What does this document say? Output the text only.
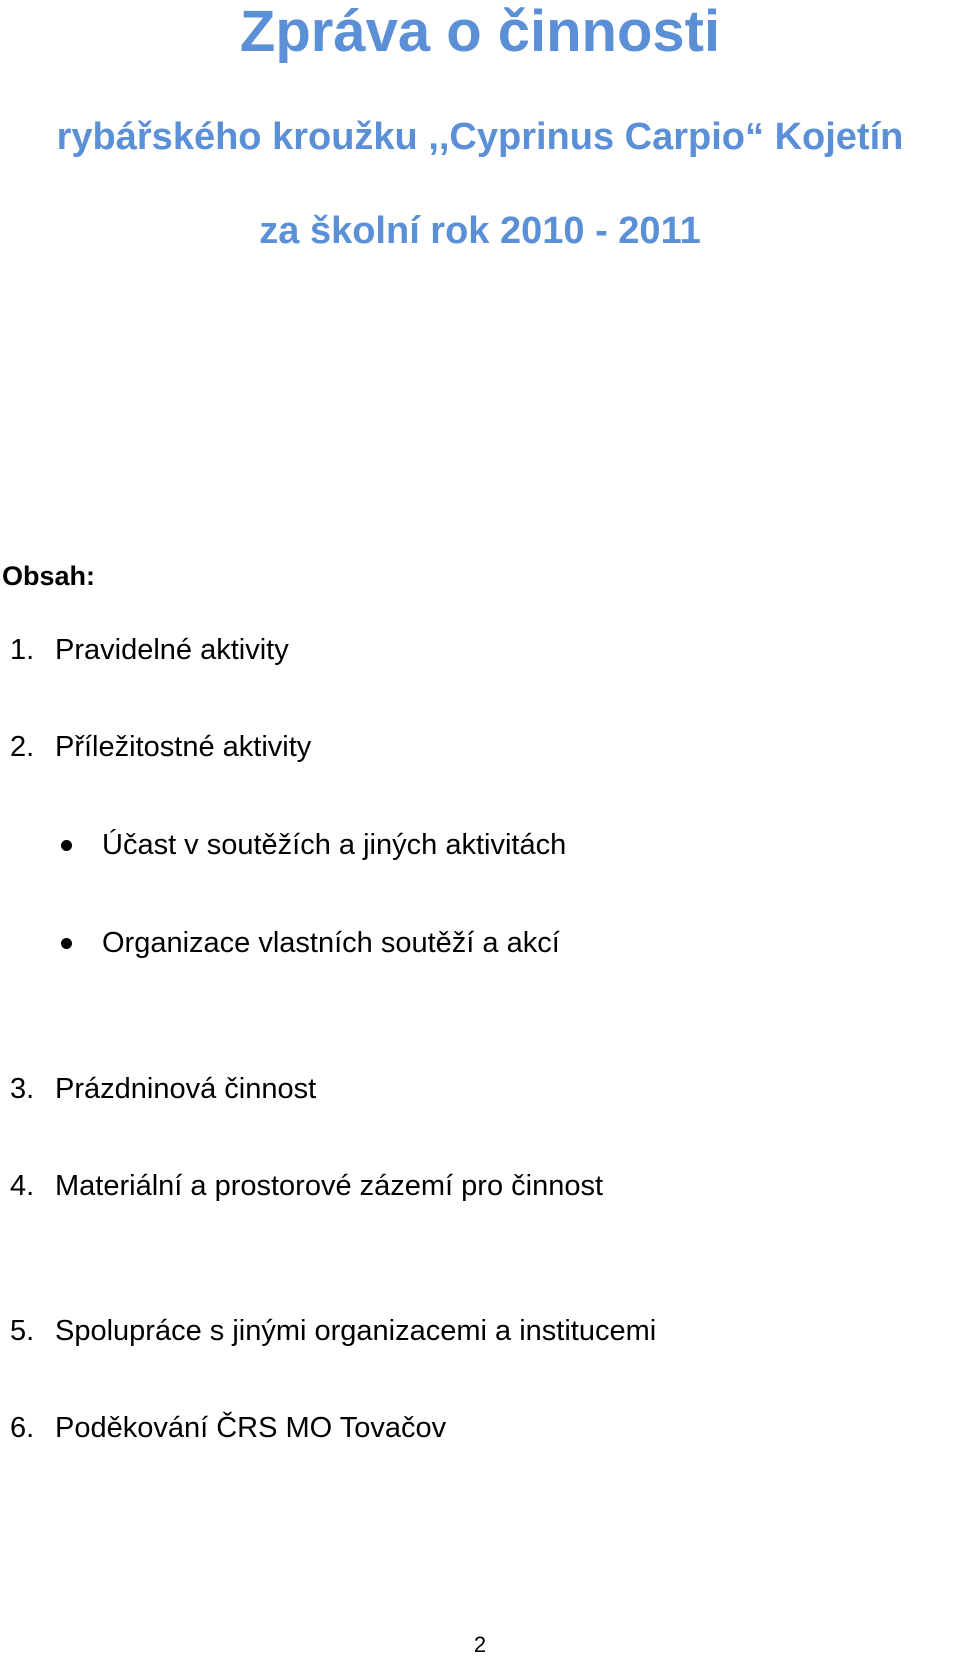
Zpráva o činnosti
rybářského kroužku ,,Cyprinus Carpio“ Kojetín
za školní rok 2010 - 2011
Obsah:
1. Pravidelné aktivity
2. Příležitostné aktivity
Účast v soutěžích a jiných aktivitách
Organizace vlastních soutěží a akcí
3. Prázdninová činnost
4. Materiální a prostorové zázemí pro činnost
5. Spolupráce s jinými organizacemi a institucemi
6. Poděkování ČRS MO Tovačov
2
